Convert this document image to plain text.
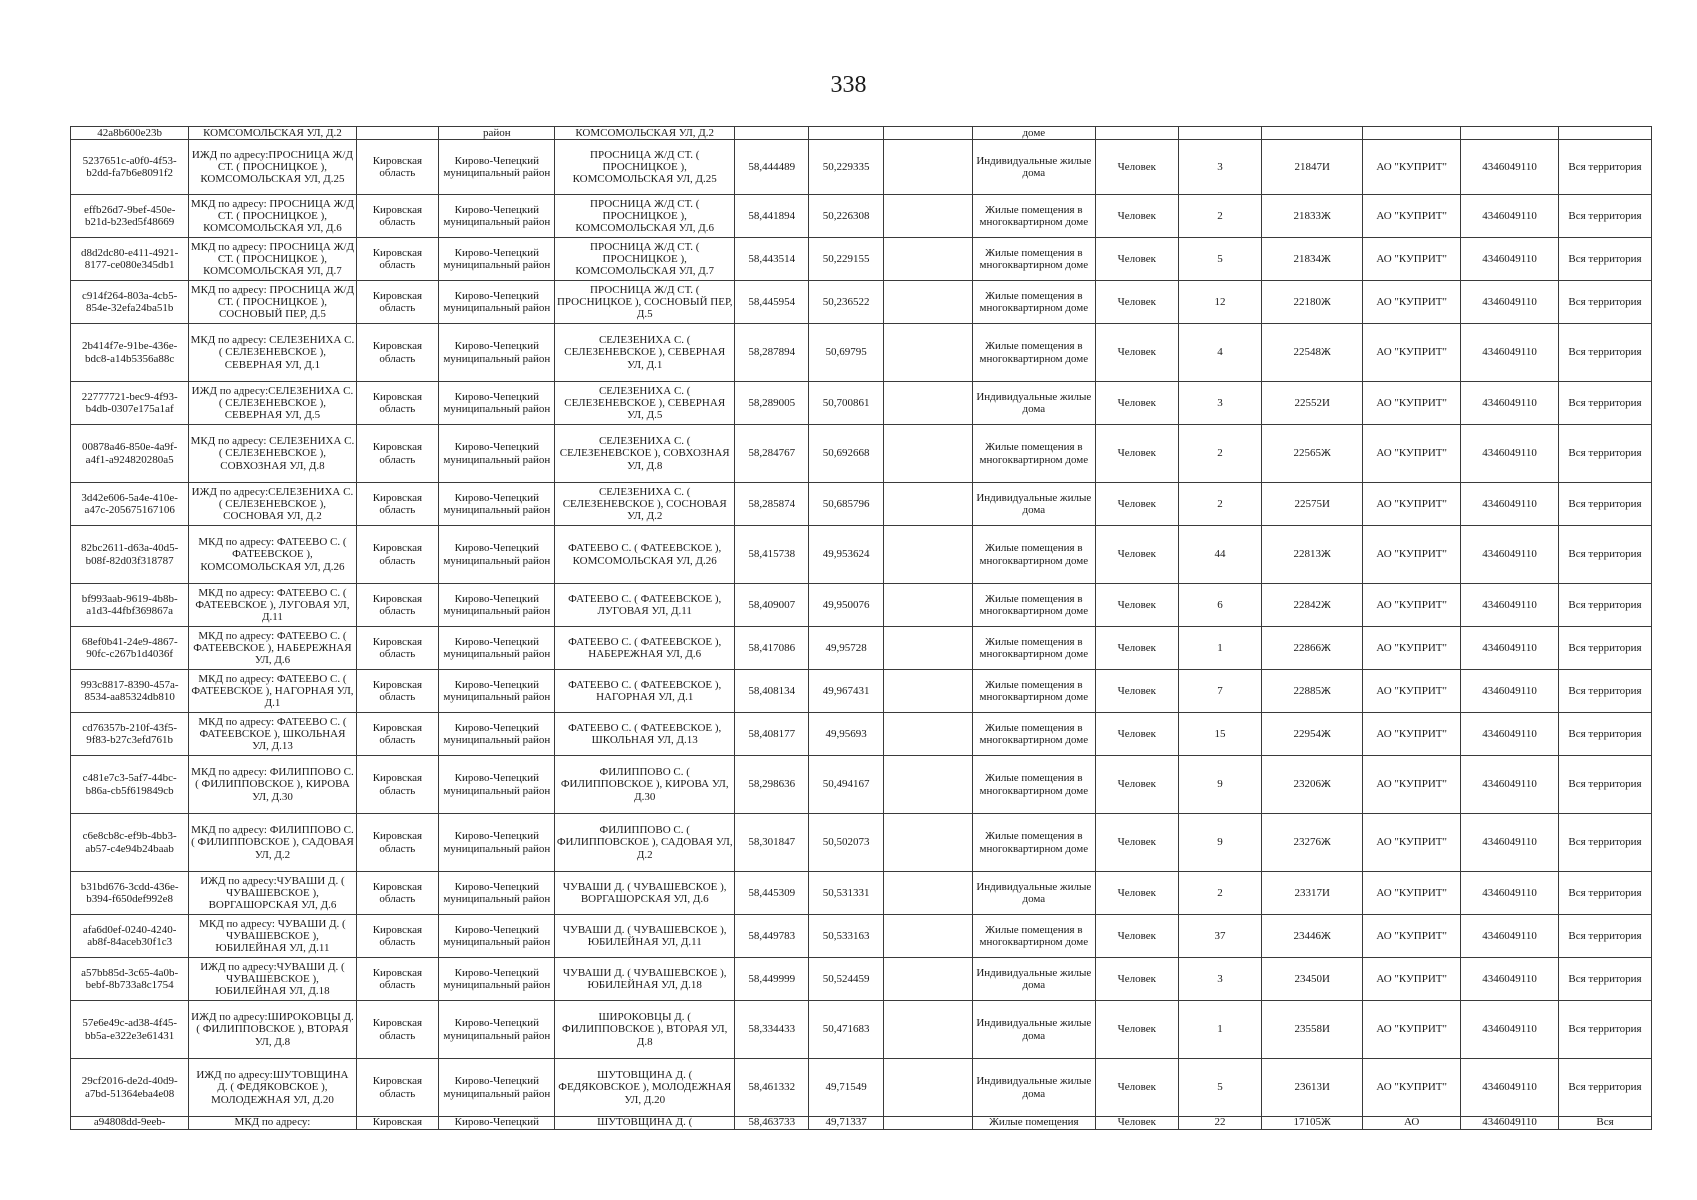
338
42a8b600e23b	КОМСОМОЛЬСКАЯ УЛ, Д.2		район	КОМСОМОЛЬСКАЯ УЛ, Д.2				доме						
5237651c-a0f0-4f53-b2dd-fa7b6e8091f2	ИЖД по адресу:ПРОСНИЦА Ж/Д СТ. ( ПРОСНИЦКОЕ ), КОМСОМОЛЬСКАЯ УЛ, Д.25	Кировская область	Кирово-Чепецкий муниципальный район	ПРОСНИЦА Ж/Д СТ. ( ПРОСНИЦКОЕ ), КОМСОМОЛЬСКАЯ УЛ, Д.25	58,444489	50,229335		Индивидуальные жилые дома	Человек	3	21847И	АО "КУПРИТ"	4346049110	Вся территория
effb26d7-9bef-450e-b21d-b23ed5f48669	МКД по адресу: ПРОСНИЦА Ж/Д СТ. ( ПРОСНИЦКОЕ ), КОМСОМОЛЬСКАЯ УЛ, Д.6	Кировская область	Кирово-Чепецкий муниципальный район	ПРОСНИЦА Ж/Д СТ. ( ПРОСНИЦКОЕ ), КОМСОМОЛЬСКАЯ УЛ, Д.6	58,441894	50,226308		Жилые помещения в многоквартирном доме	Человек	2	21833Ж	АО "КУПРИТ"	4346049110	Вся территория
d8d2dc80-e411-4921-8177-ce080e345db1	МКД по адресу: ПРОСНИЦА Ж/Д СТ. ( ПРОСНИЦКОЕ ), КОМСОМОЛЬСКАЯ УЛ, Д.7	Кировская область	Кирово-Чепецкий муниципальный район	ПРОСНИЦА Ж/Д СТ. ( ПРОСНИЦКОЕ ), КОМСОМОЛЬСКАЯ УЛ, Д.7	58,443514	50,229155		Жилые помещения в многоквартирном доме	Человек	5	21834Ж	АО "КУПРИТ"	4346049110	Вся территория
c914f264-803a-4cb5-854e-32efa24ba51b	МКД по адресу: ПРОСНИЦА Ж/Д СТ. ( ПРОСНИЦКОЕ ), СОСНОВЫЙ ПЕР, Д.5	Кировская область	Кирово-Чепецкий муниципальный район	ПРОСНИЦА Ж/Д СТ. ( ПРОСНИЦКОЕ ), СОСНОВЫЙ ПЕР, Д.5	58,445954	50,236522		Жилые помещения в многоквартирном доме	Человек	12	22180Ж	АО "КУПРИТ"	4346049110	Вся территория
2b414f7e-91be-436e-bdc8-a14b5356a88c	МКД по адресу: СЕЛЕЗЕНИХА С. ( СЕЛЕЗЕНЕВСКОЕ ), СЕВЕРНАЯ УЛ, Д.1	Кировская область	Кирово-Чепецкий муниципальный район	СЕЛЕЗЕНИХА С. ( СЕЛЕЗЕНЕВСКОЕ ), СЕВЕРНАЯ УЛ, Д.1	58,287894	50,69795		Жилые помещения в многоквартирном доме	Человек	4	22548Ж	АО "КУПРИТ"	4346049110	Вся территория
22777721-bec9-4f93-b4db-0307e175a1af	ИЖД по адресу:СЕЛЕЗЕНИХА С. ( СЕЛЕЗЕНЕВСКОЕ ), СЕВЕРНАЯ УЛ, Д.5	Кировская область	Кирово-Чепецкий муниципальный район	СЕЛЕЗЕНИХА С. ( СЕЛЕЗЕНЕВСКОЕ ), СЕВЕРНАЯ УЛ, Д.5	58,289005	50,700861		Индивидуальные жилые дома	Человек	3	22552И	АО "КУПРИТ"	4346049110	Вся территория
00878a46-850e-4a9f-a4f1-a924820280a5	МКД по адресу: СЕЛЕЗЕНИХА С. ( СЕЛЕЗЕНЕВСКОЕ ), СОВХОЗНАЯ УЛ, Д.8	Кировская область	Кирово-Чепецкий муниципальный район	СЕЛЕЗЕНИХА С. ( СЕЛЕЗЕНЕВСКОЕ ), СОВХОЗНАЯ УЛ, Д.8	58,284767	50,692668		Жилые помещения в многоквартирном доме	Человек	2	22565Ж	АО "КУПРИТ"	4346049110	Вся территория
3d42e606-5a4e-410e-a47c-205675167106	ИЖД по адресу:СЕЛЕЗЕНИХА С. ( СЕЛЕЗЕНЕВСКОЕ ), СОСНОВАЯ УЛ, Д.2	Кировская область	Кирово-Чепецкий муниципальный район	СЕЛЕЗЕНИХА С. ( СЕЛЕЗЕНЕВСКОЕ ), СОСНОВАЯ УЛ, Д.2	58,285874	50,685796		Индивидуальные жилые дома	Человек	2	22575И	АО "КУПРИТ"	4346049110	Вся территория
82bc2611-d63a-40d5-b08f-82d03f318787	МКД по адресу: ФАТЕЕВО С. ( ФАТЕЕВСКОЕ ), КОМСОМОЛЬСКАЯ УЛ, Д.26	Кировская область	Кирово-Чепецкий муниципальный район	ФАТЕЕВО С. ( ФАТЕЕВСКОЕ ), КОМСОМОЛЬСКАЯ УЛ, Д.26	58,415738	49,953624		Жилые помещения в многоквартирном доме	Человек	44	22813Ж	АО "КУПРИТ"	4346049110	Вся территория
bf993aab-9619-4b8b-a1d3-44fbf369867a	МКД по адресу: ФАТЕЕВО С. ( ФАТЕЕВСКОЕ ), ЛУГОВАЯ УЛ, Д.11	Кировская область	Кирово-Чепецкий муниципальный район	ФАТЕЕВО С. ( ФАТЕЕВСКОЕ ), ЛУГОВАЯ УЛ, Д.11	58,409007	49,950076		Жилые помещения в многоквартирном доме	Человек	6	22842Ж	АО "КУПРИТ"	4346049110	Вся территория
68ef0b41-24e9-4867-90fc-c267b1d4036f	МКД по адресу: ФАТЕЕВО С. ( ФАТЕЕВСКОЕ ), НАБЕРЕЖНАЯ УЛ, Д.6	Кировская область	Кирово-Чепецкий муниципальный район	ФАТЕЕВО С. ( ФАТЕЕВСКОЕ ), НАБЕРЕЖНАЯ УЛ, Д.6	58,417086	49,95728		Жилые помещения в многоквартирном доме	Человек	1	22866Ж	АО "КУПРИТ"	4346049110	Вся территория
993c8817-8390-457a-8534-aa85324db810	МКД по адресу: ФАТЕЕВО С. ( ФАТЕЕВСКОЕ ), НАГОРНАЯ УЛ, Д.1	Кировская область	Кирово-Чепецкий муниципальный район	ФАТЕЕВО С. ( ФАТЕЕВСКОЕ ), НАГОРНАЯ УЛ, Д.1	58,408134	49,967431		Жилые помещения в многоквартирном доме	Человек	7	22885Ж	АО "КУПРИТ"	4346049110	Вся территория
cd76357b-210f-43f5-9f83-b27c3efd761b	МКД по адресу: ФАТЕЕВО С. ( ФАТЕЕВСКОЕ ), ШКОЛЬНАЯ УЛ, Д.13	Кировская область	Кирово-Чепецкий муниципальный район	ФАТЕЕВО С. ( ФАТЕЕВСКОЕ ), ШКОЛЬНАЯ УЛ, Д.13	58,408177	49,95693		Жилые помещения в многоквартирном доме	Человек	15	22954Ж	АО "КУПРИТ"	4346049110	Вся территория
c481e7c3-5af7-44bc-b86a-cb5f619849cb	МКД по адресу: ФИЛИППОВО С. ( ФИЛИППОВСКОЕ ), КИРОВА УЛ, Д.30	Кировская область	Кирово-Чепецкий муниципальный район	ФИЛИППОВО С. ( ФИЛИППОВСКОЕ ), КИРОВА УЛ, Д.30	58,298636	50,494167		Жилые помещения в многоквартирном доме	Человек	9	23206Ж	АО "КУПРИТ"	4346049110	Вся территория
c6e8cb8c-ef9b-4bb3-ab57-c4e94b24baab	МКД по адресу: ФИЛИППОВО С. ( ФИЛИППОВСКОЕ ), САДОВАЯ УЛ, Д.2	Кировская область	Кирово-Чепецкий муниципальный район	ФИЛИППОВО С. ( ФИЛИППОВСКОЕ ), САДОВАЯ УЛ, Д.2	58,301847	50,502073		Жилые помещения в многоквартирном доме	Человек	9	23276Ж	АО "КУПРИТ"	4346049110	Вся территория
b31bd676-3cdd-436e-b394-f650def992e8	ИЖД по адресу:ЧУВАШИ Д. ( ЧУВАШЕВСКОЕ ), ВОРГАШОРСКАЯ УЛ, Д.6	Кировская область	Кирово-Чепецкий муниципальный район	ЧУВАШИ Д. ( ЧУВАШЕВСКОЕ ), ВОРГАШОРСКАЯ УЛ, Д.6	58,445309	50,531331		Индивидуальные жилые дома	Человек	2	23317И	АО "КУПРИТ"	4346049110	Вся территория
afa6d0ef-0240-4240-ab8f-84aceb30f1c3	МКД по адресу: ЧУВАШИ Д. ( ЧУВАШЕВСКОЕ ), ЮБИЛЕЙНАЯ УЛ, Д.11	Кировская область	Кирово-Чепецкий муниципальный район	ЧУВАШИ Д. ( ЧУВАШЕВСКОЕ ), ЮБИЛЕЙНАЯ УЛ, Д.11	58,449783	50,533163		Жилые помещения в многоквартирном доме	Человек	37	23446Ж	АО "КУПРИТ"	4346049110	Вся территория
a57bb85d-3c65-4a0b-bebf-8b733a8c1754	ИЖД по адресу:ЧУВАШИ Д. ( ЧУВАШЕВСКОЕ ), ЮБИЛЕЙНАЯ УЛ, Д.18	Кировская область	Кирово-Чепецкий муниципальный район	ЧУВАШИ Д. ( ЧУВАШЕВСКОЕ ), ЮБИЛЕЙНАЯ УЛ, Д.18	58,449999	50,524459		Индивидуальные жилые дома	Человек	3	23450И	АО "КУПРИТ"	4346049110	Вся территория
57e6e49c-ad38-4f45-bb5a-e322e3e61431	ИЖД по адресу:ШИРОКОВЦЫ Д. ( ФИЛИППОВСКОЕ ), ВТОРАЯ УЛ, Д.8	Кировская область	Кирово-Чепецкий муниципальный район	ШИРОКОВЦЫ Д. ( ФИЛИППОВСКОЕ ), ВТОРАЯ УЛ, Д.8	58,334433	50,471683		Индивидуальные жилые дома	Человек	1	23558И	АО "КУПРИТ"	4346049110	Вся территория
29cf2016-de2d-40d9-a7bd-51364eba4e08	ИЖД по адресу:ШУТОВЩИНА Д. ( ФЕДЯКОВСКОЕ ), МОЛОДЕЖНАЯ УЛ, Д.20	Кировская область	Кирово-Чепецкий муниципальный район	ШУТОВЩИНА Д. ( ФЕДЯКОВСКОЕ ), МОЛОДЕЖНАЯ УЛ, Д.20	58,461332	49,71549		Индивидуальные жилые дома	Человек	5	23613И	АО "КУПРИТ"	4346049110	Вся территория
a94808dd-9eeb-	МКД по адресу:	Кировская	Кирово-Чепецкий	ШУТОВЩИНА Д. (	58,463733	49,71337		Жилые помещения	Человек	22	17105Ж	АО	4346049110	Вся
